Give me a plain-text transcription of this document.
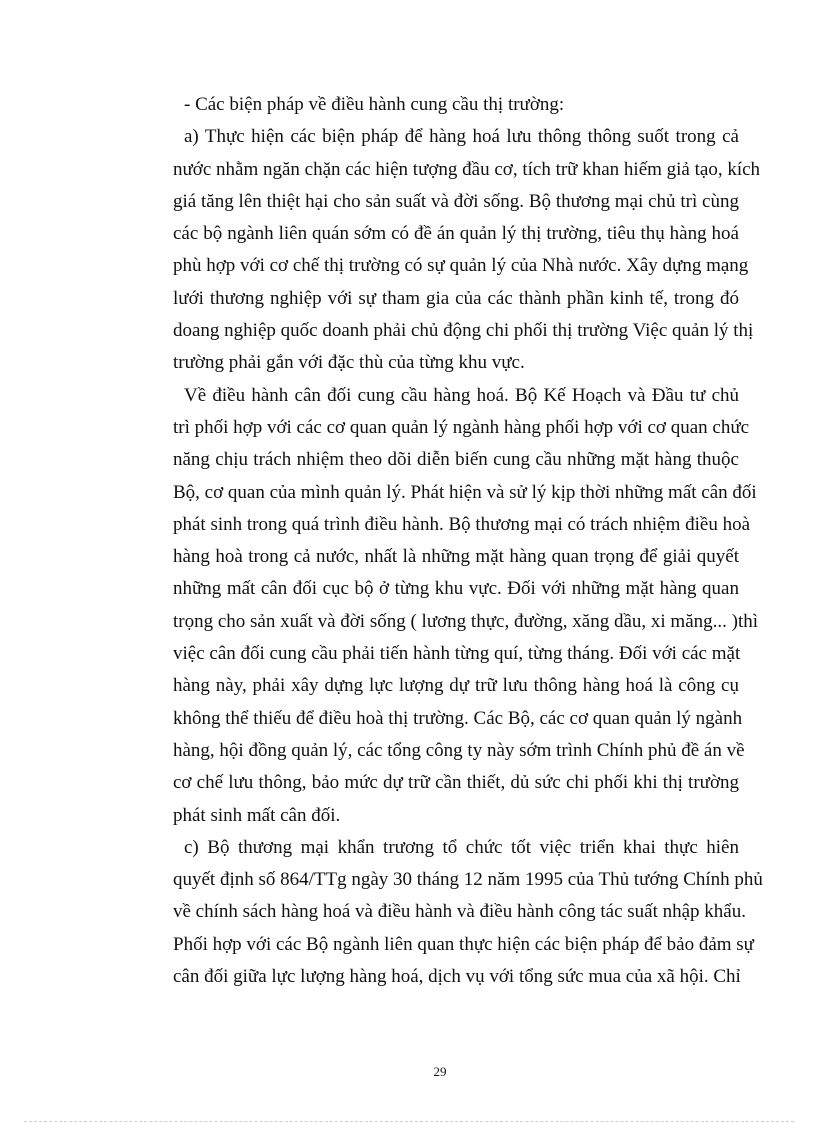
- Các biện pháp về điều hành cung cầu thị trường:
a) Thực hiện các biện pháp để hàng hoá lưu thông thông suốt trong cả
nước nhằm ngăn chặn các hiện tượng đầu cơ, tích trữ khan hiếm giả tạo, kích
giá tăng lên thiệt hại cho sản suất và đời sống. Bộ thương mại chủ trì cùng
các bộ ngành liên quán sớm có đề án quản lý thị trường, tiêu thụ hàng hoá
phù hợp với cơ chế thị trường có sự quản lý của Nhà nước. Xây dựng mạng
lưới thương nghiệp với sự tham gia của các thành phần kinh tế, trong đó
doang nghiệp quốc doanh phải chủ động chi phối thị trường Việc quản lý thị
trường phải gắn với đặc thù của từng khu vực.
Về điều hành cân đối cung cầu hàng hoá. Bộ Kế Hoạch và Đầu tư chủ
trì phối hợp với các cơ quan quản lý ngành hàng phối hợp với cơ quan chức
năng chịu trách nhiệm theo dõi diễn biến cung cầu những mặt hàng thuộc
Bộ, cơ quan của mình quản lý. Phát hiện và sử lý kịp thời những mất cân đối
phát sinh trong quá trình điều hành. Bộ thương mại có trách nhiệm điều hoà
hàng hoà trong cả nước, nhất là những mặt hàng quan trọng để giải quyết
những mất cân đối cục bộ ở từng khu vực. Đối với những mặt hàng quan
trọng cho sản xuất và đời sống ( lương thực, đường, xăng dầu, xi măng... )thì
việc cân đối cung cầu phải tiến hành từng quí, từng tháng. Đối với các mặt
hàng này, phải xây dựng lực lượng dự trữ lưu thông hàng hoá là công cụ
không thể thiếu để điều hoà thị trường. Các Bộ, các cơ quan quản lý ngành
hàng, hội đồng quản lý, các tổng công ty này sớm trình Chính phủ đề án về
cơ chế lưu thông, bảo mức dự trữ cần thiết, dủ sức chi phối khi thị trường
phát sinh mất cân đối.
c) Bộ thương mại khẩn trương tổ chức tốt việc triển khai thực hiên
quyết định số 864/TTg ngày 30 tháng 12 năm 1995 của Thủ tướng Chính phủ
về chính sách hàng hoá và điều hành và điều hành công tác suất nhập khẩu.
Phối hợp với các Bộ ngành liên quan thực hiện các biện pháp để bảo đảm sự
cân đối giữa lực lượng hàng hoá, dịch vụ với tổng sức mua của xã hội. Chỉ
29
